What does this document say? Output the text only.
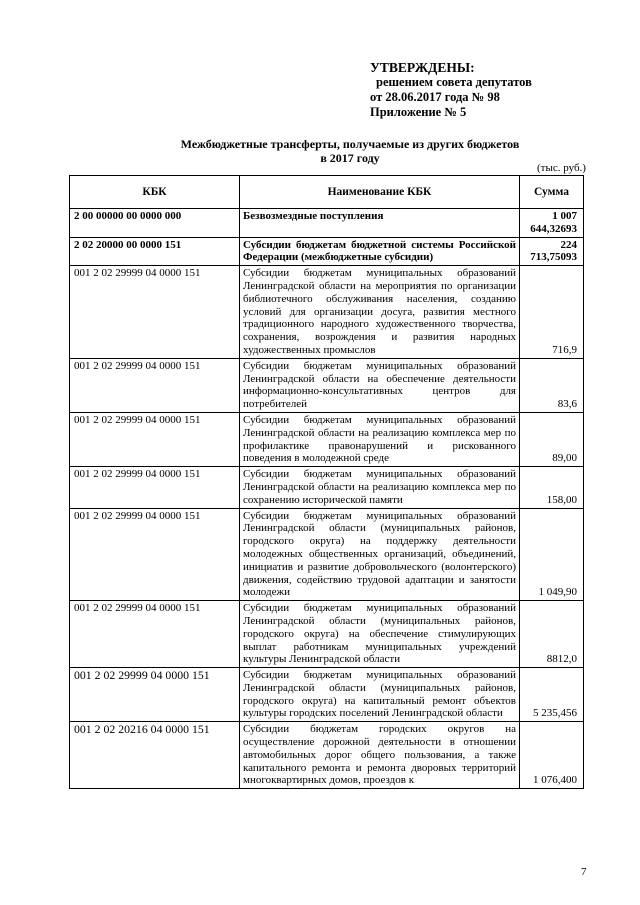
УТВЕРЖДЕНЫ:
решением совета депутатов
от 28.06.2017 года № 98
Приложение № 5
Межбюджетные трансферты, получаемые из других бюджетов
в 2017 году
(тыс. руб.)
КБК	Наименование КБК	Сумма
2 00 00000 00 0000 000	Безвозмездные поступления	1 007 644,32693
2 02 20000 00 0000 151	Субсидии бюджетам бюджетной системы Российской Федерации (межбюджетные субсидии)	224 713,75093
001 2 02 29999 04 0000 151	Субсидии бюджетам муниципальных образований Ленинградской области на мероприятия по организации библиотечного обслуживания населения, созданию условий для организации досуга, развития местного традиционного народного художественного творчества, сохранения, возрождения и развития народных художественных промыслов	716,9
001 2 02 29999 04 0000 151	Субсидии бюджетам муниципальных образований Ленинградской области на обеспечение деятельности информационно-консультативных центров для потребителей	83,6
001 2 02 29999 04 0000 151	Субсидии бюджетам муниципальных образований Ленинградской области на реализацию комплекса мер по профилактике правонарушений и рискованного поведения в молодежной среде	89,00
001 2 02 29999 04 0000 151	Субсидии бюджетам муниципальных образований Ленинградской области на реализацию комплекса мер по сохранению исторической памяти	158,00
001 2 02 29999 04 0000 151	Субсидии бюджетам муниципальных образований Ленинградской области (муниципальных районов, городского округа) на поддержку деятельности молодежных общественных организаций, объединений, инициатив и развитие добровольческого (волонтерского) движения, содействию трудовой адаптации и занятости молодежи	1 049,90
001 2 02 29999 04 0000 151	Субсидии бюджетам муниципальных образований Ленинградской области (муниципальных районов, городского округа) на обеспечение стимулирующих выплат работникам муниципальных учреждений культуры Ленинградской области	8812,0
001 2 02 29999 04 0000 151	Субсидии бюджетам муниципальных образований Ленинградской области (муниципальных районов, городского округа) на капитальный ремонт объектов культуры городских поселений Ленинградской области	5 235,456
001 2 02 20216 04 0000 151	Субсидии бюджетам городских округов на осуществление дорожной деятельности в отношении автомобильных дорог общего пользования, а также капитального ремонта и ремонта дворовых территорий многоквартирных домов, проездов к	1 076,400
7
